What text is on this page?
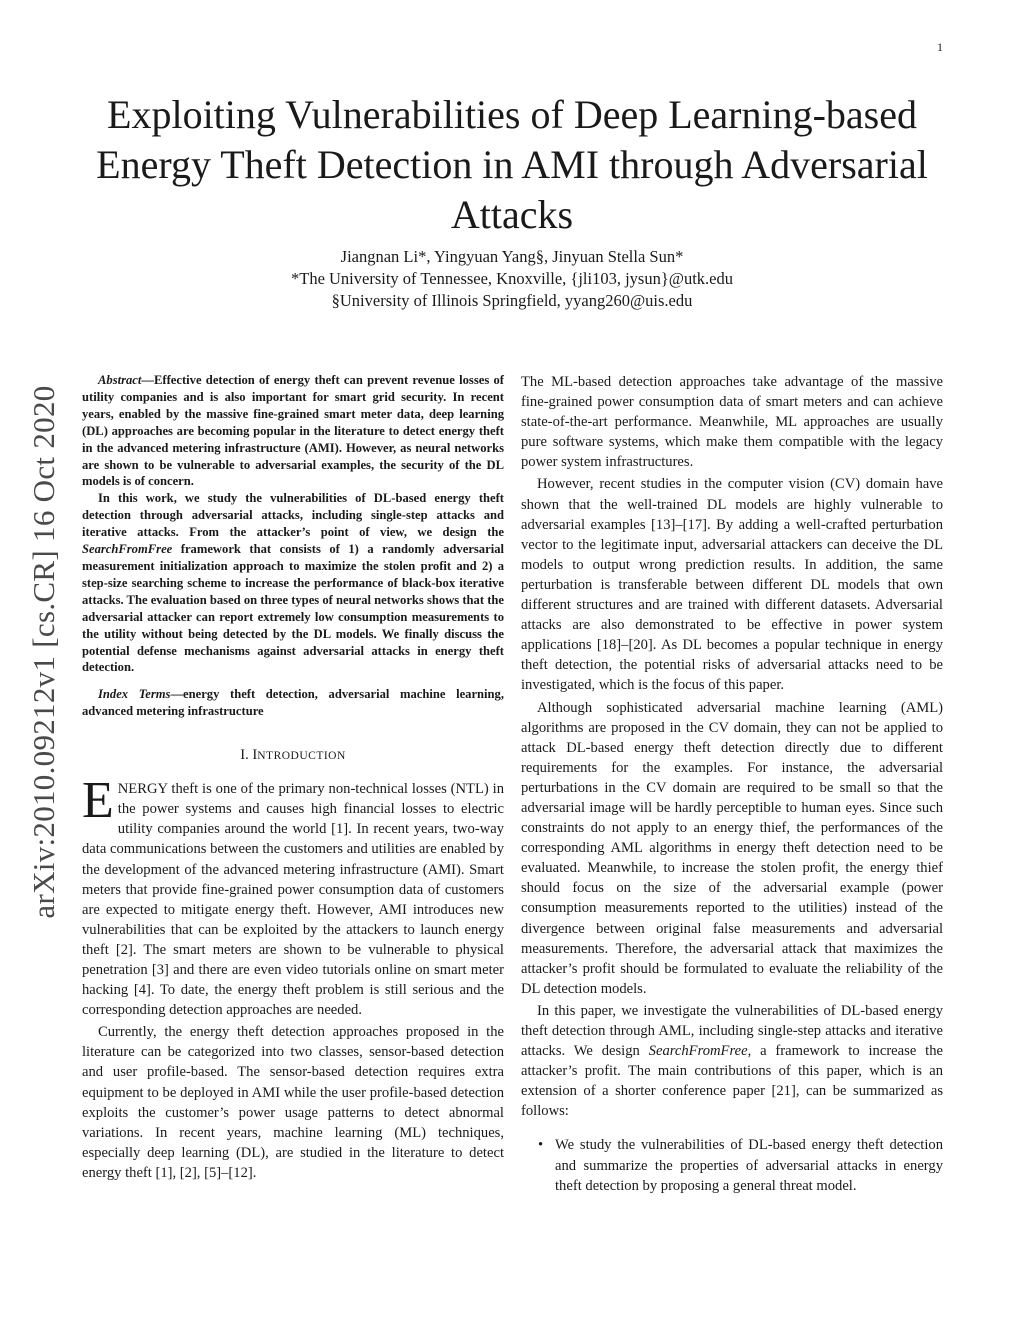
1
arXiv:2010.09212v1 [cs.CR] 16 Oct 2020
Exploiting Vulnerabilities of Deep Learning-based Energy Theft Detection in AMI through Adversarial Attacks
Jiangnan Li*, Yingyuan Yang§, Jinyuan Stella Sun*
*The University of Tennessee, Knoxville, {jli103, jysun}@utk.edu
§University of Illinois Springfield, yyang260@uis.edu

Abstract—Effective detection of energy theft can prevent revenue losses of utility companies and is also important for smart grid security. In recent years, enabled by the massive fine-grained smart meter data, deep learning (DL) approaches are becoming popular in the literature to detect energy theft in the advanced metering infrastructure (AMI). However, as neural networks are shown to be vulnerable to adversarial examples, the security of the DL models is of concern.

In this work, we study the vulnerabilities of DL-based energy theft detection through adversarial attacks, including single-step attacks and iterative attacks. From the attacker’s point of view, we design the SearchFromFree framework that consists of 1) a randomly adversarial measurement initialization approach to maximize the stolen profit and 2) a step-size searching scheme to increase the performance of black-box iterative attacks. The evaluation based on three types of neural networks shows that the adversarial attacker can report extremely low consumption measurements to the utility without being detected by the DL models. We finally discuss the potential defense mechanisms against adversarial attacks in energy theft detection.

Index Terms—energy theft detection, adversarial machine learning, advanced metering infrastructure

I. INTRODUCTION

ENERGY theft is one of the primary non-technical losses (NTL) in the power systems and causes high financial losses to electric utility companies around the world [1]. In recent years, two-way data communications between the customers and utilities are enabled by the development of the advanced metering infrastructure (AMI). Smart meters that provide fine-grained power consumption data of customers are expected to mitigate energy theft. However, AMI introduces new vulnerabilities that can be exploited by the attackers to launch energy theft [2]. The smart meters are shown to be vulnerable to physical penetration [3] and there are even video tutorials online on smart meter hacking [4]. To date, the energy theft problem is still serious and the corresponding detection approaches are needed.

Currently, the energy theft detection approaches proposed in the literature can be categorized into two classes, sensor-based detection and user profile-based. The sensor-based detection requires extra equipment to be deployed in AMI while the user profile-based detection exploits the customer’s power usage patterns to detect abnormal variations. In recent years, machine learning (ML) techniques, especially deep learning (DL), are studied in the literature to detect energy theft [1], [2], [5]–[12].

The ML-based detection approaches take advantage of the massive fine-grained power consumption data of smart meters and can achieve state-of-the-art performance. Meanwhile, ML approaches are usually pure software systems, which make them compatible with the legacy power system infrastructures.

However, recent studies in the computer vision (CV) domain have shown that the well-trained DL models are highly vulnerable to adversarial examples [13]–[17]. By adding a well-crafted perturbation vector to the legitimate input, adversarial attackers can deceive the DL models to output wrong prediction results. In addition, the same perturbation is transferable between different DL models that own different structures and are trained with different datasets. Adversarial attacks are also demonstrated to be effective in power system applications [18]–[20]. As DL becomes a popular technique in energy theft detection, the potential risks of adversarial attacks need to be investigated, which is the focus of this paper.

Although sophisticated adversarial machine learning (AML) algorithms are proposed in the CV domain, they can not be applied to attack DL-based energy theft detection directly due to different requirements for the examples. For instance, the adversarial perturbations in the CV domain are required to be small so that the adversarial image will be hardly perceptible to human eyes. Since such constraints do not apply to an energy thief, the performances of the corresponding AML algorithms in energy theft detection need to be evaluated. Meanwhile, to increase the stolen profit, the energy thief should focus on the size of the adversarial example (power consumption measurements reported to the utilities) instead of the divergence between original false measurements and adversarial measurements. Therefore, the adversarial attack that maximizes the attacker’s profit should be formulated to evaluate the reliability of the DL detection models.

In this paper, we investigate the vulnerabilities of DL-based energy theft detection through AML, including single-step attacks and iterative attacks. We design SearchFromFree, a framework to increase the attacker’s profit. The main contributions of this paper, which is an extension of a shorter conference paper [21], can be summarized as follows:

• We study the vulnerabilities of DL-based energy theft detection and summarize the properties of adversarial attacks in energy theft detection by proposing a general threat model.
